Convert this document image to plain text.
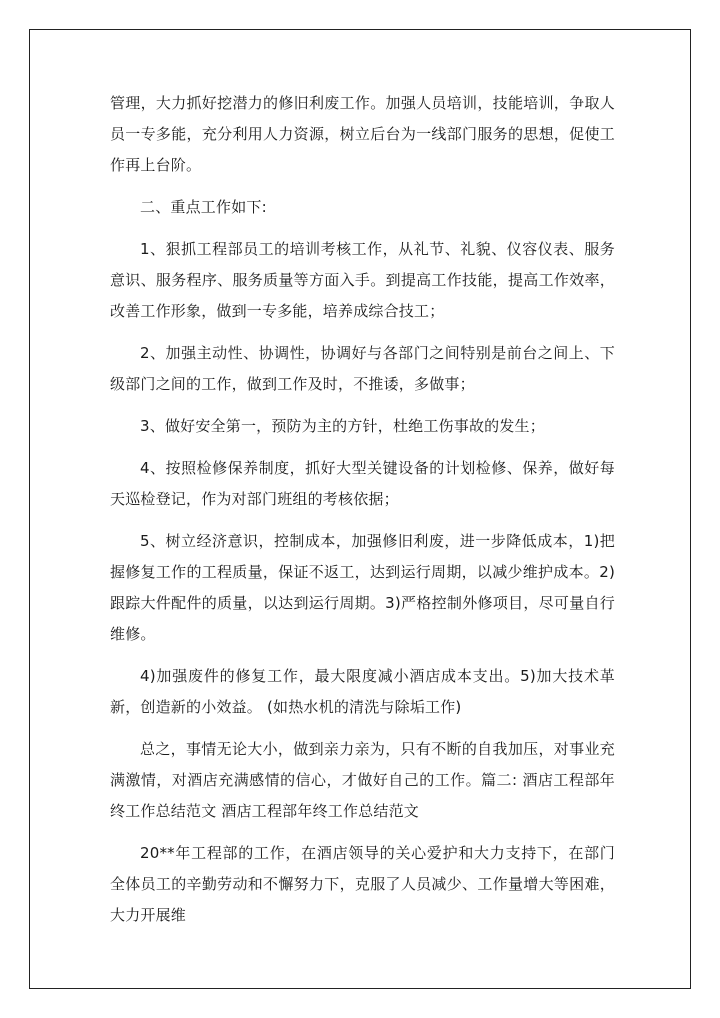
管理，大力抓好挖潜力的修旧利废工作。加强人员培训，技能培训，争取人员一专多能，充分利用人力资源，树立后台为一线部门服务的思想，促使工作再上台阶。

二、重点工作如下:

1、狠抓工程部员工的培训考核工作，从礼节、礼貌、仪容仪表、服务意识、服务程序、服务质量等方面入手。到提高工作技能，提高工作效率，改善工作形象，做到一专多能，培养成综合技工；

2、加强主动性、协调性，协调好与各部门之间特别是前台之间上、下级部门之间的工作，做到工作及时，不推诿，多做事；

3、做好安全第一，预防为主的方针，杜绝工伤事故的发生；

4、按照检修保养制度，抓好大型关键设备的计划检修、保养，做好每天巡检登记，作为对部门班组的考核依据；

5、树立经济意识，控制成本，加强修旧利废，进一步降低成本，1)把握修复工作的工程质量，保证不返工，达到运行周期，以减少维护成本。2)跟踪大件配件的质量，以达到运行周期。3)严格控制外修项目，尽可量自行维修。

4)加强废件的修复工作，最大限度减小酒店成本支出。5)加大技术革新，创造新的小效益。 (如热水机的清洗与除垢工作)

总之，事情无论大小，做到亲力亲为，只有不断的自我加压，对事业充满激情，对酒店充满感情的信心，才做好自己的工作。篇二: 酒店工程部年终工作总结范文 酒店工程部年终工作总结范文

20**年工程部的工作，在酒店领导的关心爱护和大力支持下，在部门全体员工的辛勤劳动和不懈努力下，克服了人员减少、工作量增大等困难，大力开展维
